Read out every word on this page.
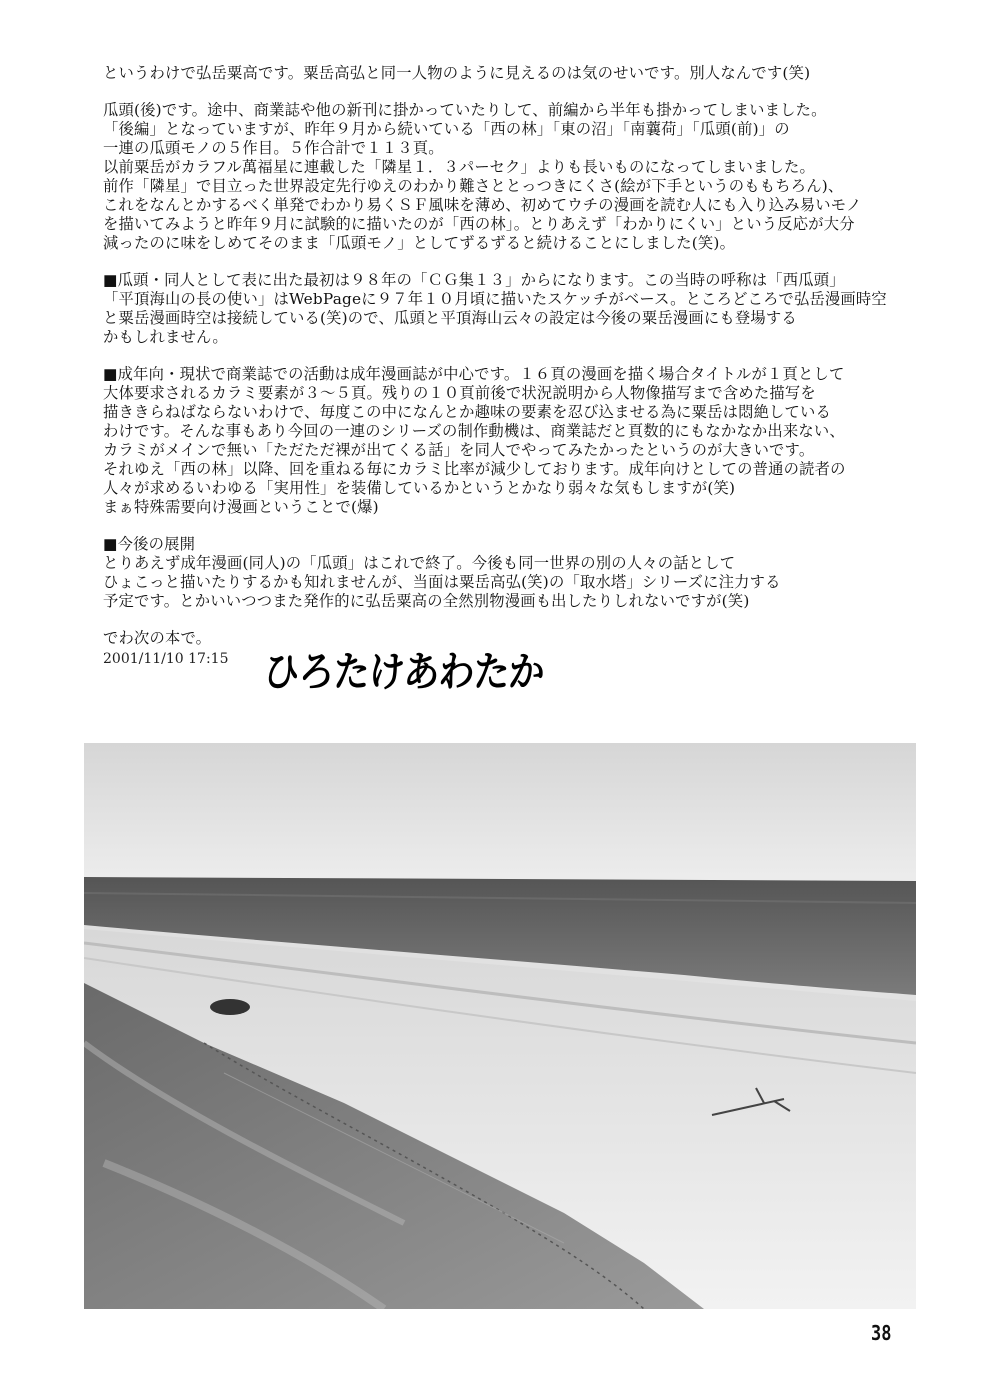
というわけで弘岳粟高です。粟岳高弘と同一人物のように見えるのは気のせいです。別人なんです(笑)
瓜頭(後)です。途中、商業誌や他の新刊に掛かっていたりして、前編から半年も掛かってしまいました。
「後編」となっていますが、昨年９月から続いている「西の林」「東の沼」「南蘘荷」「瓜頭(前)」の
一連の瓜頭モノの５作目。５作合計で１１３頁。
以前粟岳がカラフル萬福星に連載した「隣星１．３パーセク」よりも長いものになってしまいました。
前作「隣星」で目立った世界設定先行ゆえのわかり難さととっつきにくさ(絵が下手というのももちろん)、
これをなんとかするべく単発でわかり易くＳＦ風味を薄め、初めてウチの漫画を読む人にも入り込み易いモノ
を描いてみようと昨年９月に試験的に描いたのが「西の林」。とりあえず「わかりにくい」という反応が大分
減ったのに味をしめてそのまま「瓜頭モノ」としてずるずると続けることにしました(笑)。
■瓜頭・同人として表に出た最初は９８年の「ＣＧ集１３」からになります。この当時の呼称は「西瓜頭」
「平頂海山の長の使い」はWebPageに９７年１０月頃に描いたスケッチがベース。ところどころで弘岳漫画時空
と粟岳漫画時空は接続している(笑)ので、瓜頭と平頂海山云々の設定は今後の粟岳漫画にも登場する
かもしれません。
■成年向・現状で商業誌での活動は成年漫画誌が中心です。１６頁の漫画を描く場合タイトルが１頁として
大体要求されるカラミ要素が３～５頁。残りの１０頁前後で状況説明から人物像描写まで含めた描写を
描ききらねばならないわけで、毎度この中になんとか趣味の要素を忍び込ませる為に粟岳は悶絶している
わけです。そんな事もあり今回の一連のシリーズの制作動機は、商業誌だと頁数的にもなかなか出来ない、
カラミがメインで無い「ただただ裸が出てくる話」を同人でやってみたかったというのが大きいです。
それゆえ「西の林」以降、回を重ねる毎にカラミ比率が減少しております。成年向けとしての普通の読者の
人々が求めるいわゆる「実用性」を装備しているかというとかなり弱々な気もしますが(笑)
まぁ特殊需要向け漫画ということで(爆)
■今後の展開
とりあえず成年漫画(同人)の「瓜頭」はこれで終了。今後も同一世界の別の人々の話として
ひょこっと描いたりするかも知れませんが、当面は粟岳高弘(笑)の「取水塔」シリーズに注力する
予定です。とかいいつつまた発作的に弘岳粟高の全然別物漫画も出したりしれないですが(笑)
でわ次の本で。
2001/11/10 17:15 ひろたけあわたか
38
